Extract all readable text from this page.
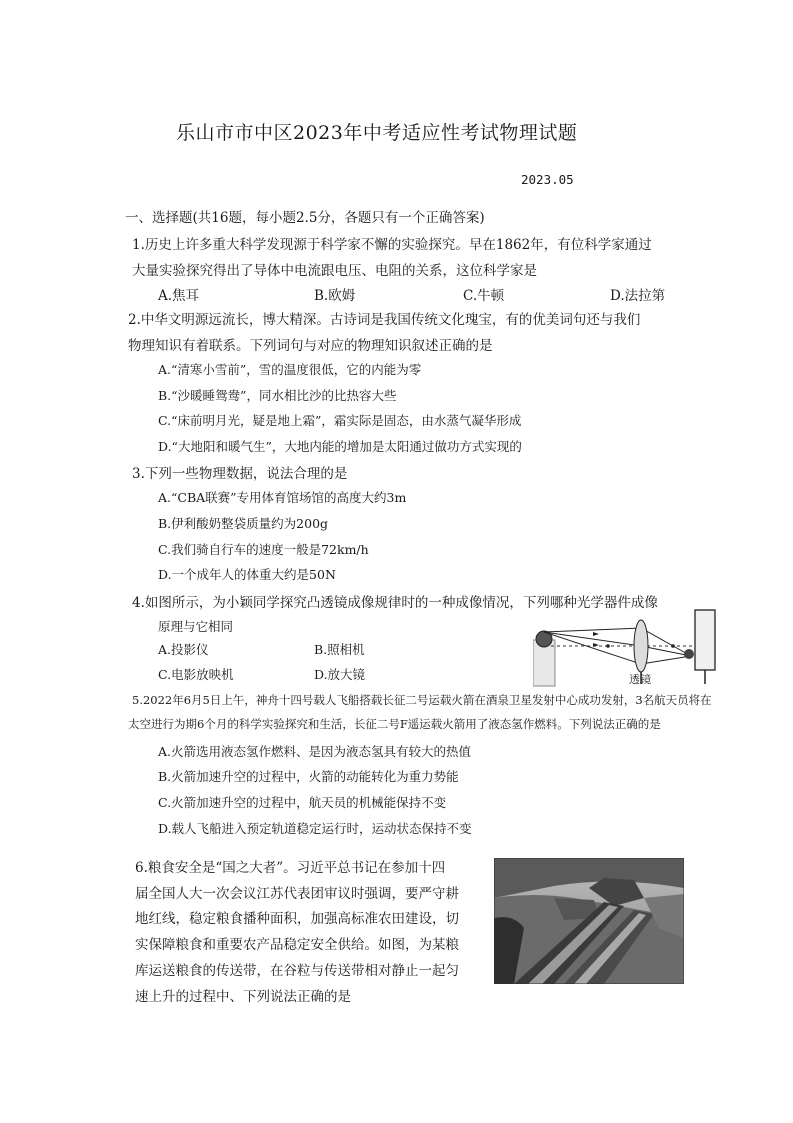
乐山市市中区2023年中考适应性考试物理试题
2023.05
一、选择题(共16题，每小题2.5分，各题只有一个正确答案)
1.历史上许多重大科学发现源于科学家不懈的实验探究。早在1862年，有位科学家通过
大量实验探究得出了导体中电流跟电压、电阻的关系，这位科学家是
A.焦耳	B.欧姆	C.牛顿	D.法拉第
2.中华文明源远流长，博大精深。古诗词是我国传统文化瑰宝，有的优美词句还与我们
物理知识有着联系。下列词句与对应的物理知识叙述正确的是
A.“清寒小雪前”，雪的温度很低，它的内能为零
B.“沙暖睡鸳鸯”，同水相比沙的比热容大些
C.“床前明月光，疑是地上霜”，霜实际是固态，由水蒸气凝华形成
D.“大地阳和暖气生”，大地内能的增加是太阳通过做功方式实现的
3.下列一些物理数据，说法合理的是
A.“CBA联赛”专用体育馆场馆的高度大约3m
B.伊利酸奶整袋质量约为200g
C.我们骑自行车的速度一般是72km/h
D.一个成年人的体重大约是50N
4.如图所示，为小颖同学探究凸透镜成像规律时的一种成像情况，下列哪种光学器件成像
原理与它相同
A.投影仪	B.照相机
C.电影放映机	D.放大镜	透镜
5.2022年6月5日上午，神舟十四号载人飞船搭载长征二号运载火箭在酒泉卫星发射中心成功发射，3名航天员将在
太空进行为期6个月的科学实验探究和生活，长征二号F遥运载火箭用了液态氢作燃料。下列说法正确的是
A.火箭选用液态氢作燃料、是因为液态氢具有较大的热值
B.火箭加速升空的过程中，火箭的动能转化为重力势能
C.火箭加速升空的过程中，航天员的机械能保持不变
D.载人飞船进入预定轨道稳定运行时，运动状态保持不变
6.粮食安全是“国之大者”。习近平总书记在参加十四
届全国人大一次会议江苏代表团审议时强调，要严守耕
地红线，稳定粮食播种面积，加强高标准农田建设，切
实保障粮食和重要农产品稳定安全供给。如图，为某粮
库运送粮食的传送带，在谷粒与传送带相对静止一起匀
速上升的过程中、下列说法正确的是
